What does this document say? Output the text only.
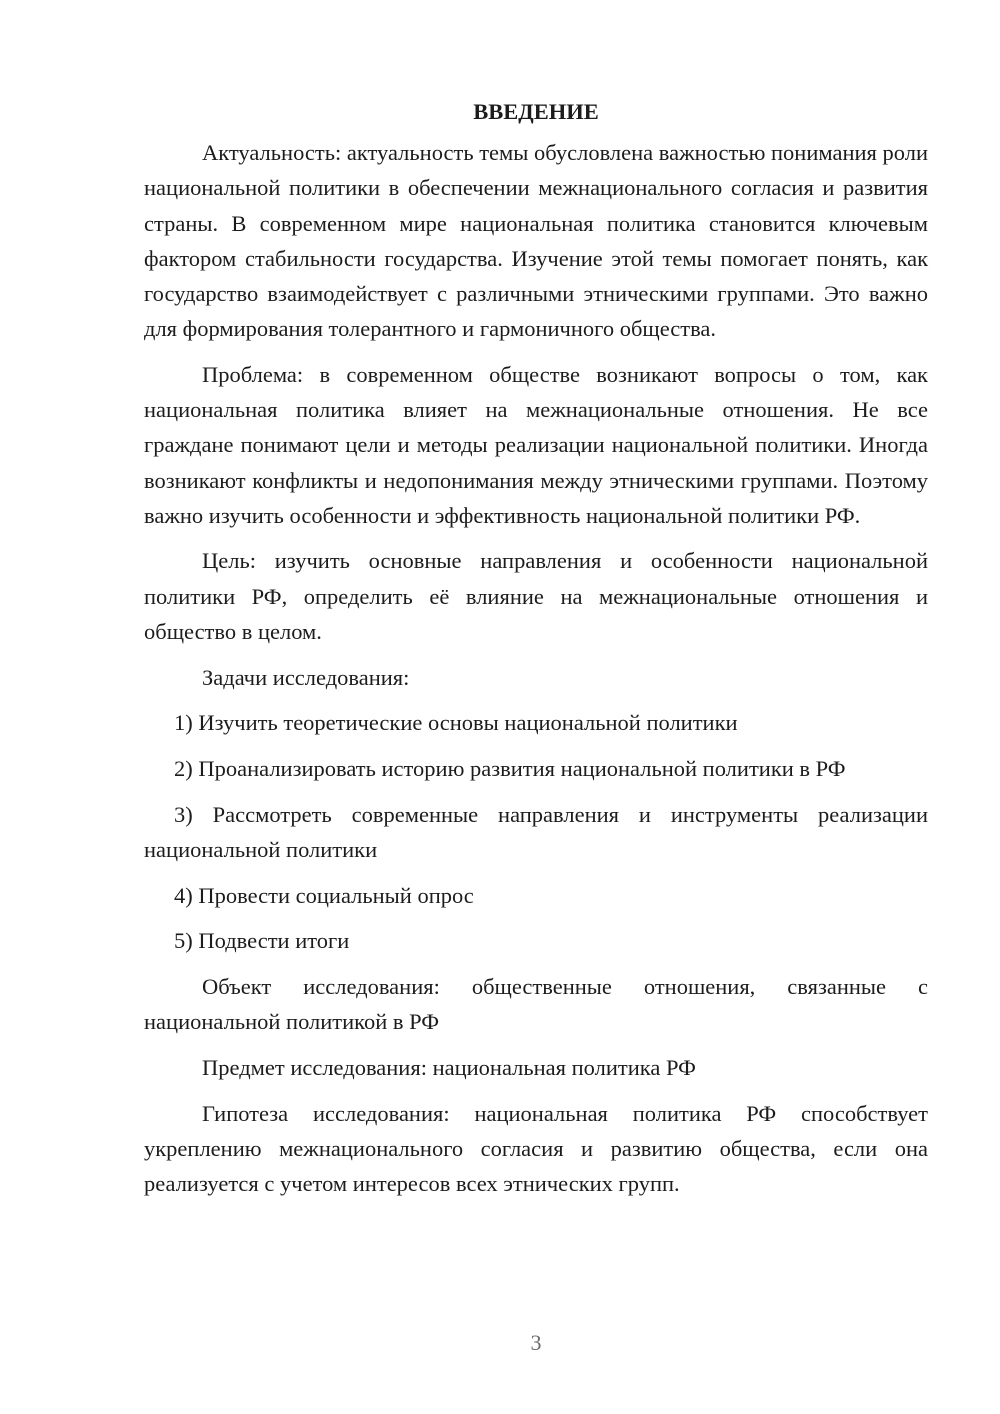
ВВЕДЕНИЕ

Актуальность: актуальность темы обусловлена важностью понимания роли национальной политики в обеспечении межнационального согласия и развития страны. В современном мире национальная политика становится ключевым фактором стабильности государства. Изучение этой темы помогает понять, как государство взаимодействует с различными этническими группами. Это важно для формирования толерантного и гармоничного общества.

Проблема: в современном обществе возникают вопросы о том, как национальная политика влияет на межнациональные отношения. Не все граждане понимают цели и методы реализации национальной политики. Иногда возникают конфликты и недопонимания между этническими группами. Поэтому важно изучить особенности и эффективность национальной политики РФ.

Цель: изучить основные направления и особенности национальной политики РФ, определить её влияние на межнациональные отношения и общество в целом.

Задачи исследования:

1) Изучить теоретические основы национальной политики

2) Проанализировать историю развития национальной политики в РФ

3) Рассмотреть современные направления и инструменты реализации национальной политики

4) Провести социальный опрос

5) Подвести итоги

Объект исследования: общественные отношения, связанные с национальной политикой в РФ

Предмет исследования: национальная политика РФ

Гипотеза исследования: национальная политика РФ способствует укреплению межнационального согласия и развитию общества, если она реализуется с учетом интересов всех этнических групп.

3
